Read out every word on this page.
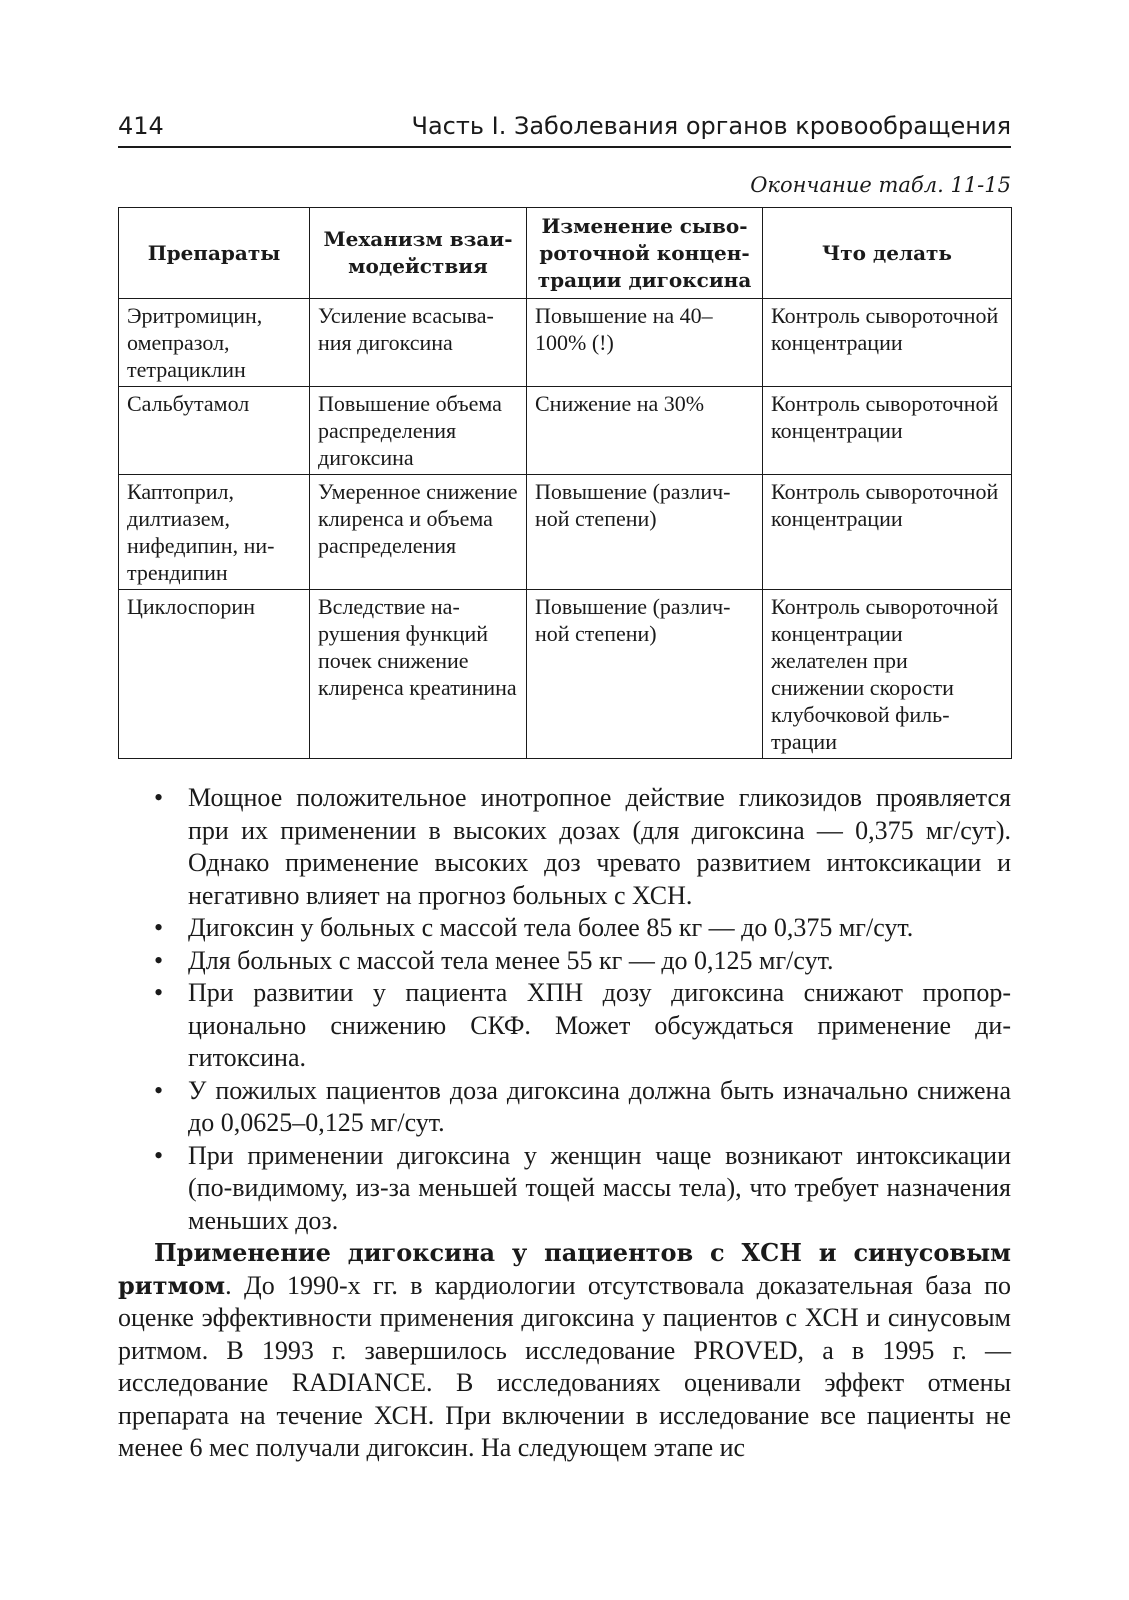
414	Часть I. Заболевания органов кровообращения
Окончание табл. 11-15
Препараты	Механизм взаимодействия	Изменение сывороточной концентрации дигоксина	Что делать
Эритромицин, омепразол, тетрациклин	Усиление всасывания дигоксина	Повышение на 40–100% (!)	Контроль сывороточной концентрации
Сальбутамол	Повышение объема распределения дигоксина	Снижение на 30%	Контроль сывороточной концентрации
Каптоприл, дилтиазем, нифедипин, нитрендипин	Умеренное снижение клиренса и объема распределения	Повышение (различной степени)	Контроль сывороточной концентрации
Циклоспорин	Вследствие нарушения функций почек снижение клиренса креатинина	Повышение (различной степени)	Контроль сывороточной концентрации желателен при снижении скорости клубочковой фильтрации
• Мощное положительное инотропное действие гликозидов проявляется при их применении в высоких дозах (для дигоксина — 0,375 мг/сут). Однако применение высоких доз чревато развитием интоксикации и негативно влияет на прогноз больных с ХСН.
• Дигоксин у больных с массой тела более 85 кг — до 0,375 мг/сут.
• Для больных с массой тела менее 55 кг — до 0,125 мг/сут.
• При развитии у пациента ХПН дозу дигоксина снижают пропорционально снижению СКФ. Может обсуждаться применение дигитоксина.
• У пожилых пациентов доза дигоксина должна быть изначально снижена до 0,0625–0,125 мг/сут.
• При применении дигоксина у женщин чаще возникают интоксикации (по-видимому, из-за меньшей тощей массы тела), что требует назначения меньших доз.

Применение дигоксина у пациентов с ХСН и синусовым ритмом. До 1990-х гг. в кардиологии отсутствовала доказательная база по оценке эффективности применения дигоксина у пациентов с ХСН и синусовым ритмом. В 1993 г. завершилось исследование PROVED, а в 1995 г. — исследование RADIANCE. В исследованиях оценивали эффект отмены препарата на течение ХСН. При включении в исследование все пациенты не менее 6 мес получали дигоксин. На следующем этапе ис
